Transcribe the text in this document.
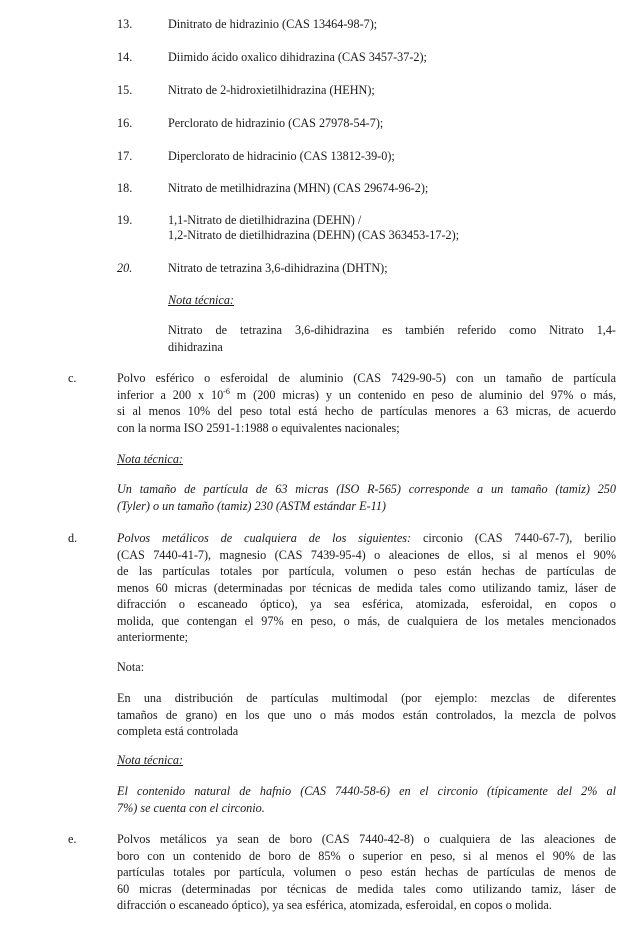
13.	Dinitrato de hidrazinio (CAS 13464-98-7);
14.	Diimido ácido oxalico dihidrazina (CAS 3457-37-2);
15.	Nitrato de 2-hidroxietilhidrazina (HEHN);
16.	Perclorato de hidrazinio (CAS 27978-54-7);
17.	Diperclorato de hidracinio (CAS 13812-39-0);
18.	Nitrato de metilhidrazina (MHN) (CAS 29674-96-2);
19.	1,1-Nitrato de dietilhidrazina (DEHN) /
1,2-Nitrato de dietilhidrazina (DEHN) (CAS 363453-17-2);
20.	Nitrato de tetrazina 3,6-dihidrazina (DHTN);
Nota técnica:
Nitrato de tetrazina 3,6-dihidrazina es también referido como Nitrato 1,4-
dihidrazina
c.	Polvo esférico o esferoidal de aluminio (CAS 7429-90-5) con un tamaño de partícula
inferior a 200 x $10^{-6}$ m (200 micras) y un contenido en peso de aluminio del 97% o más,
si al menos 10% del peso total está hecho de partículas menores a 63 micras, de acuerdo
con la norma ISO 2591-1:1988 o equivalentes nacionales;
Nota técnica:
Un tamaño de partícula de 63 micras (ISO R-565) corresponde a un tamaño (tamiz) 250
(Tyler) o un tamaño (tamiz) 230 (ASTM estándar E-11)
d.	Polvos metálicos de cualquiera de los siguientes: circonio (CAS 7440-67-7), berilio
(CAS 7440-41-7), magnesio (CAS 7439-95-4) o aleaciones de ellos, si al menos el 90%
de las partículas totales por partícula, volumen o peso están hechas de partículas de
menos 60 micras (determinadas por técnicas de medida tales como utilizando tamiz, láser de
difracción o escaneado óptico), ya sea esférica, atomizada, esferoidal, en copos o
molida, que contengan el 97% en peso, o más, de cualquiera de los metales mencionados
anteriormente;
Nota:
En una distribución de partículas multimodal (por ejemplo: mezclas de diferentes
tamaños de grano) en los que uno o más modos están controlados, la mezcla de polvos
completa está controlada
Nota técnica:
El contenido natural de hafnio (CAS 7440-58-6) en el circonio (típicamente del 2% al
7%) se cuenta con el circonio.
e.	Polvos metálicos ya sean de boro (CAS 7440-42-8) o cualquiera de las aleaciones de
boro con un contenido de boro de 85% o superior en peso, si al menos el 90% de las
partículas totales por partícula, volumen o peso están hechas de partículas de menos de
60 micras (determinadas por técnicas de medida tales como utilizando tamiz, láser de
difracción o escaneado óptico), ya sea esférica, atomizada, esferoidal, en copos o molida.
